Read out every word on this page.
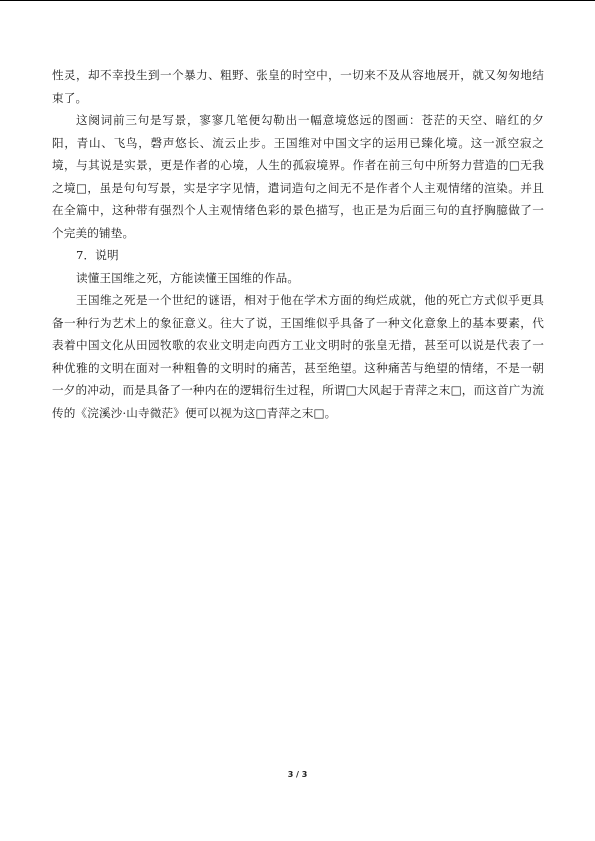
性灵，却不幸投生到一个暴力、粗野、张皇的时空中，一切来不及从容地展开，就又匆匆地结束了。

这阕词前三句是写景，寥寥几笔便勾勒出一幅意境悠远的图画：苍茫的天空、暗红的夕阳，青山、飞鸟，磬声悠长、流云止步。王国维对中国文字的运用已臻化境。这一派空寂之境，与其说是实景，更是作者的心境，人生的孤寂境界。作者在前三句中所努力营造的□无我之境□，虽是句句写景，实是字字见情，遣词造句之间无不是作者个人主观情绪的渲染。并且在全篇中，这种带有强烈个人主观情绪色彩的景色描写，也正是为后面三句的直抒胸臆做了一个完美的铺垫。

7．说明

读懂王国维之死，方能读懂王国维的作品。

王国维之死是一个世纪的谜语，相对于他在学术方面的绚烂成就，他的死亡方式似乎更具备一种行为艺术上的象征意义。往大了说，王国维似乎具备了一种文化意象上的基本要素，代表着中国文化从田园牧歌的农业文明走向西方工业文明时的张皇无措，甚至可以说是代表了一种优雅的文明在面对一种粗鲁的文明时的痛苦，甚至绝望。这种痛苦与绝望的情绪，不是一朝一夕的冲动，而是具备了一种内在的逻辑衍生过程，所谓□大风起于青萍之末□，而这首广为流传的《浣溪沙·山寺微茫》便可以视为这□青萍之末□。

3 / 3
